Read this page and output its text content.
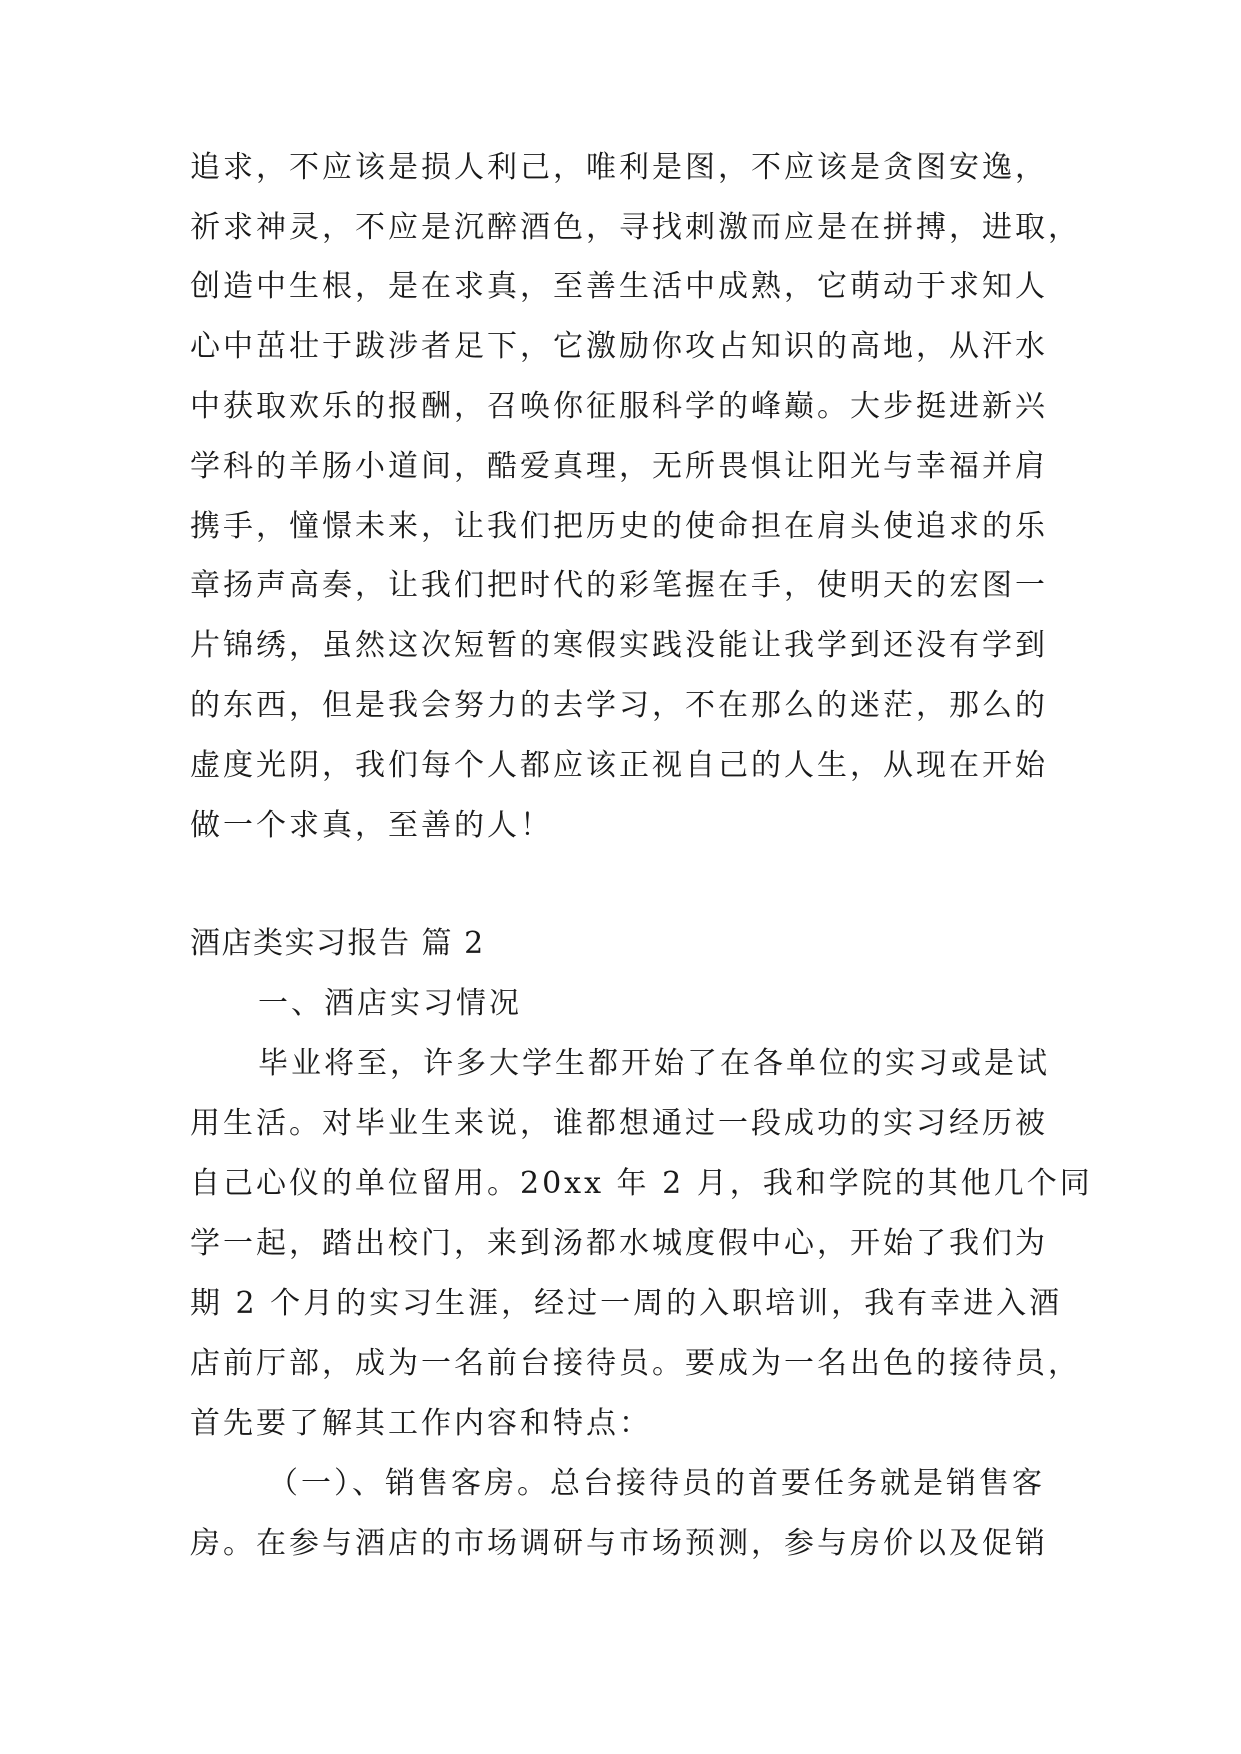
追求，不应该是损人利己，唯利是图，不应该是贪图安逸，
祈求神灵，不应是沉醉酒色，寻找刺激而应是在拼搏，进取，
创造中生根，是在求真，至善生活中成熟，它萌动于求知人
心中茁壮于跋涉者足下，它激励你攻占知识的高地，从汗水
中获取欢乐的报酬，召唤你征服科学的峰巅。大步挺进新兴
学科的羊肠小道间，酷爱真理，无所畏惧让阳光与幸福并肩
携手，憧憬未来，让我们把历史的使命担在肩头使追求的乐
章扬声高奏，让我们把时代的彩笔握在手，使明天的宏图一
片锦绣，虽然这次短暂的寒假实践没能让我学到还没有学到
的东西，但是我会努力的去学习，不在那么的迷茫，那么的
虚度光阴，我们每个人都应该正视自己的人生，从现在开始
做一个求真，至善的人！
酒店类实习报告 篇 2
一、酒店实习情况
毕业将至，许多大学生都开始了在各单位的实习或是试
用生活。对毕业生来说，谁都想通过一段成功的实习经历被
自己心仪的单位留用。20xx 年 2 月，我和学院的其他几个同
学一起，踏出校门，来到汤都水城度假中心，开始了我们为
期 2 个月的实习生涯，经过一周的入职培训，我有幸进入酒
店前厅部，成为一名前台接待员。要成为一名出色的接待员，
首先要了解其工作内容和特点：
（一）、销售客房。总台接待员的首要任务就是销售客
房。在参与酒店的市场调研与市场预测，参与房价以及促销
